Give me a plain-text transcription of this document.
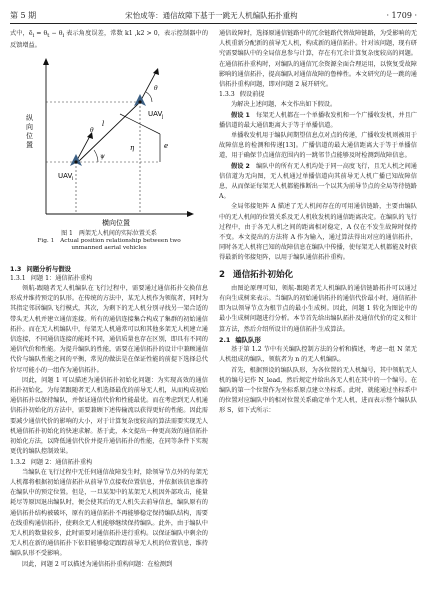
第 5 期	宋怡成等：通信故障下基于一跳无人机编队拓扑重构	· 1709 ·

式中，ẽ$_i$ = $\theta_t - \theta_i$ 表示角度误差，常数 k1 ,k2 > 0，表示控制器中的反馈增益。

纵向位置
横向位置
UAV j
UAV i
l
e
η
ψ
θ
θ

图 1　两架无人机间的实际位置关系

Fig. 1　Actual position relationship between two

unmanned aerial vehicles

1.3 问题分析与假设

1.3.1 问题 1：通信拓扑重构

领航-跟随者无人机编队在飞行过程中，需要通过通信拓扑交换信息形成并维持预定的队形。在传统的方法中，某无人机作为领航者，同时为其指定邻居编队飞行模式，其次，为剩下的无人机分别寻找另一架合适的带头无人机并建立通信连接。所有的通信连接集合构成了集群的初始通信拓扑。而在无人机编队中，每架无人机通常可以和其他多架无人机建立通信连接，不同通信连接的能耗不同，通信质量也存在区别，即具有不同的通信代价和性能。为提升编队的性能，需要在通信拓扑的设计中兼顾通信代价与编队性能之间的平衡，常见的做法是在保证性能的前提下选择总代价尽可能小的一组作为通信拓扑。

因此，问题 1 可以描述为通信拓扑初始化问题：为实现高效的通信拓扑初始化，为每架跟随者无人机选择最优的前导无人机，从而构成初始通信拓扑以保持编队，并保证通信代价和性能最优。而在考虑到无人机通信拓扑初始化的方法中，需要兼顾下述传输流以获得更好的性能。因此需要减少通信代价的影响的大小，对于计算复杂度较高的算法需要实现无人机通信拓扑初始化的快速求解。基于此，本文提出一种更高效的通信拓扑初始化方法，以降低通信代价并提升通信拓扑的性能，在同等条件下实现更优的编队控制效果。

1.3.2 问题 2：通信拓扑重构

当编队在飞行过程中无任何通信故障发生时，除领导节点外的每架无人机都将根据初始通信拓扑从前导节点接收位置信息，并依据该信息维持在编队中的预定位置。但是，一旦某架中的某架无人机因外部攻击，能量耗尽等原因退出编队时，便会使其后的无人机失去前导信息，编队原有的通信拓扑结构被破坏，原有的通信拓扑不再能够稳定保持编队结构，需要在线重构通信拓扑，使剩余无人机能够继续保持编队。此外，由于编队中无人机的数量较多，此时需要对通信拓扑进行重构。以保证编队中剩余的无人机在新的通信拓扑下依旧能够稳定跟踪前导无人机的位置信息，维持编队队形不受影响。

因此，问题 2 可以描述为通信拓扑重构问题：在检测到

通信故障时，选择原通信链路中的冗余链路代替故障链路，为受影响的无人机重新分配新的前导无人机，构成新的通信拓扑。针对该问题，现有研究需要编队中的全局信息参与计算，存在有冗余计算复杂度较高的问题。在通信拓扑重构时，对编队的通信冗余资源全面合理运用，以恢复受故障影响的通信拓扑，提高编队对通信故障的鲁棒性。本文研究的是一跳的通信拓扑重构问题，即对问题 2 展开研究。

1.3.3 假设前提

为解决上述问题，本文作出如下假设。

假设 1　 每架无人机都在一个单播收发机和一个广播收发机，并且广播信道的最大通信距离大于等于单播信道。

单播收发机用于编队间期望信息点对点的传递，广播收发机则被用于故障信息的检测和传递[13]。广播信道的最大通信距离大于等于单播信道，用于确保节点通信范围内的一跳邻节点能够及时检测到故障信息。

假设 2　 编队中的所有无人机均处于同一高度飞行，且无人机之间通信信道为无向图，无人机通过单播信道向其前导无人机广播已知故障信息，从而保证每架无人机都能推断出一个以其为前导节点的全局等待链路 A。

全局邻接矩阵 A 描述了无人机间存在的可用通信链路，主要由编队中的无人机间的位置关系及无人机收发机的通信距离决定。在编队的飞行过程中，由于各无人机之间的距离相对稳定，A 仅在不发生故障时保持不变。本文提出的方法将 A 作为输入，通过算法得出对应的通信拓扑，同时各无人机将已知的故障信息在编队中传播，使每架无人机都能及时获得最新的邻接矩阵，以用于编队通信拓扑重构。

2 通信拓扑初始化

由图论原理可知，领航-跟随者无人机编队的通信链路拓扑可以通过有向生成树来表示。当编队的初始通信拓扑的通信代价最小时，通信拓扑即为以领导节点为根节点的最小生成树。因此，问题 1 转化为图论中的最小生成树问题进行分析。本节首先给出编队拓扑及通信代价的定义和计算方法，然后介绍所设计的通信拓扑生成算法。

2.1 编队队形

基于第 1.2 节中有关编队控制方法的分析和描述，考虑一组 N 架无人机组成的编队，领航者为 n 的无人机编队。

首先，根据预设的编队队形，为各位置的无人机编号，其中领航无人机的编号记作 N_lead，然后规定并给出各无人机在其中的一个编号。在编队的第一个位置作为坐标系原点建立坐标系。此时，就能通过坐标系中的位置对应编队中的相对位置关系确定单个无人机，进而表示整个编队队形 S，如下式所示：
